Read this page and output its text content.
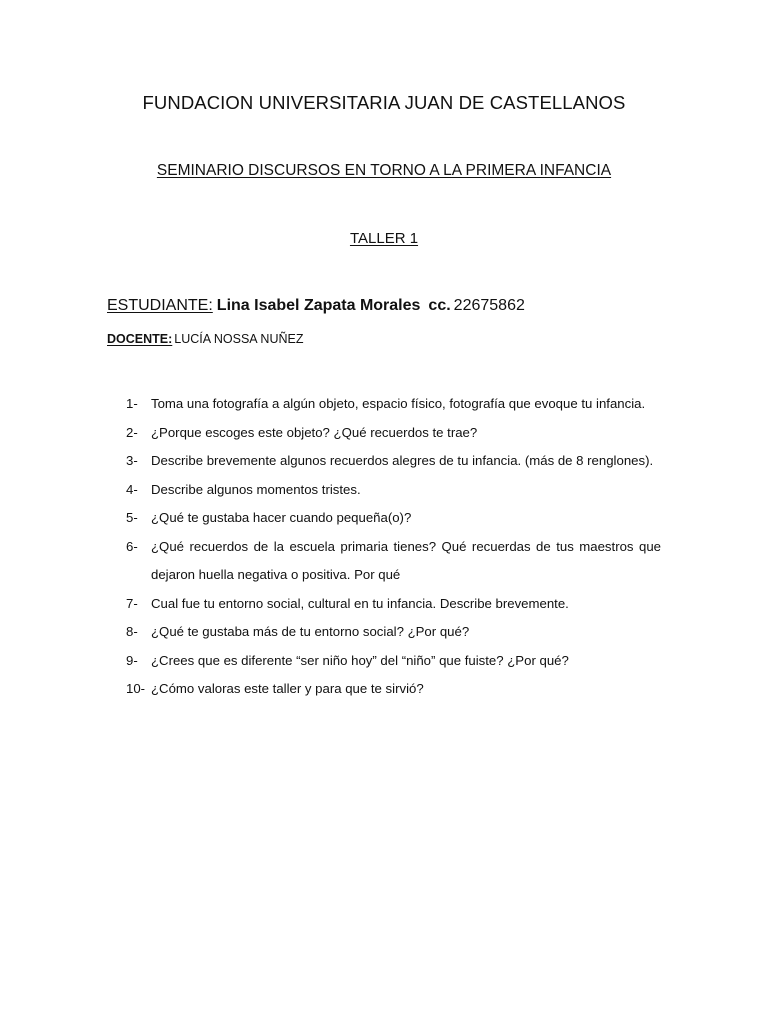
FUNDACION UNIVERSITARIA JUAN DE CASTELLANOS
SEMINARIO DISCURSOS EN TORNO A LA PRIMERA INFANCIA
TALLER 1
ESTUDIANTE: Lina Isabel Zapata Morales cc. 22675862
DOCENTE: LUCÍA NOSSA NUÑEZ
1-	Toma una fotografía a algún objeto, espacio físico, fotografía que evoque tu infancia.
2-	¿Porque escoges este objeto? ¿Qué recuerdos te trae?
3-	Describe brevemente algunos recuerdos alegres de tu infancia. (más de 8 renglones).
4-	Describe algunos momentos tristes.
5-	¿Qué te gustaba hacer cuando pequeña(o)?
6-	¿Qué recuerdos de la escuela primaria tienes? Qué recuerdas de tus maestros que dejaron huella negativa o positiva. Por qué
7-	Cual fue tu entorno social, cultural en tu infancia. Describe brevemente.
8-	¿Qué te gustaba más de tu entorno social? ¿Por qué?
9-	¿Crees que es diferente “ser niño hoy” del “niño” que fuiste? ¿Por qué?
10- ¿Cómo valoras este taller y para que te sirvió?
